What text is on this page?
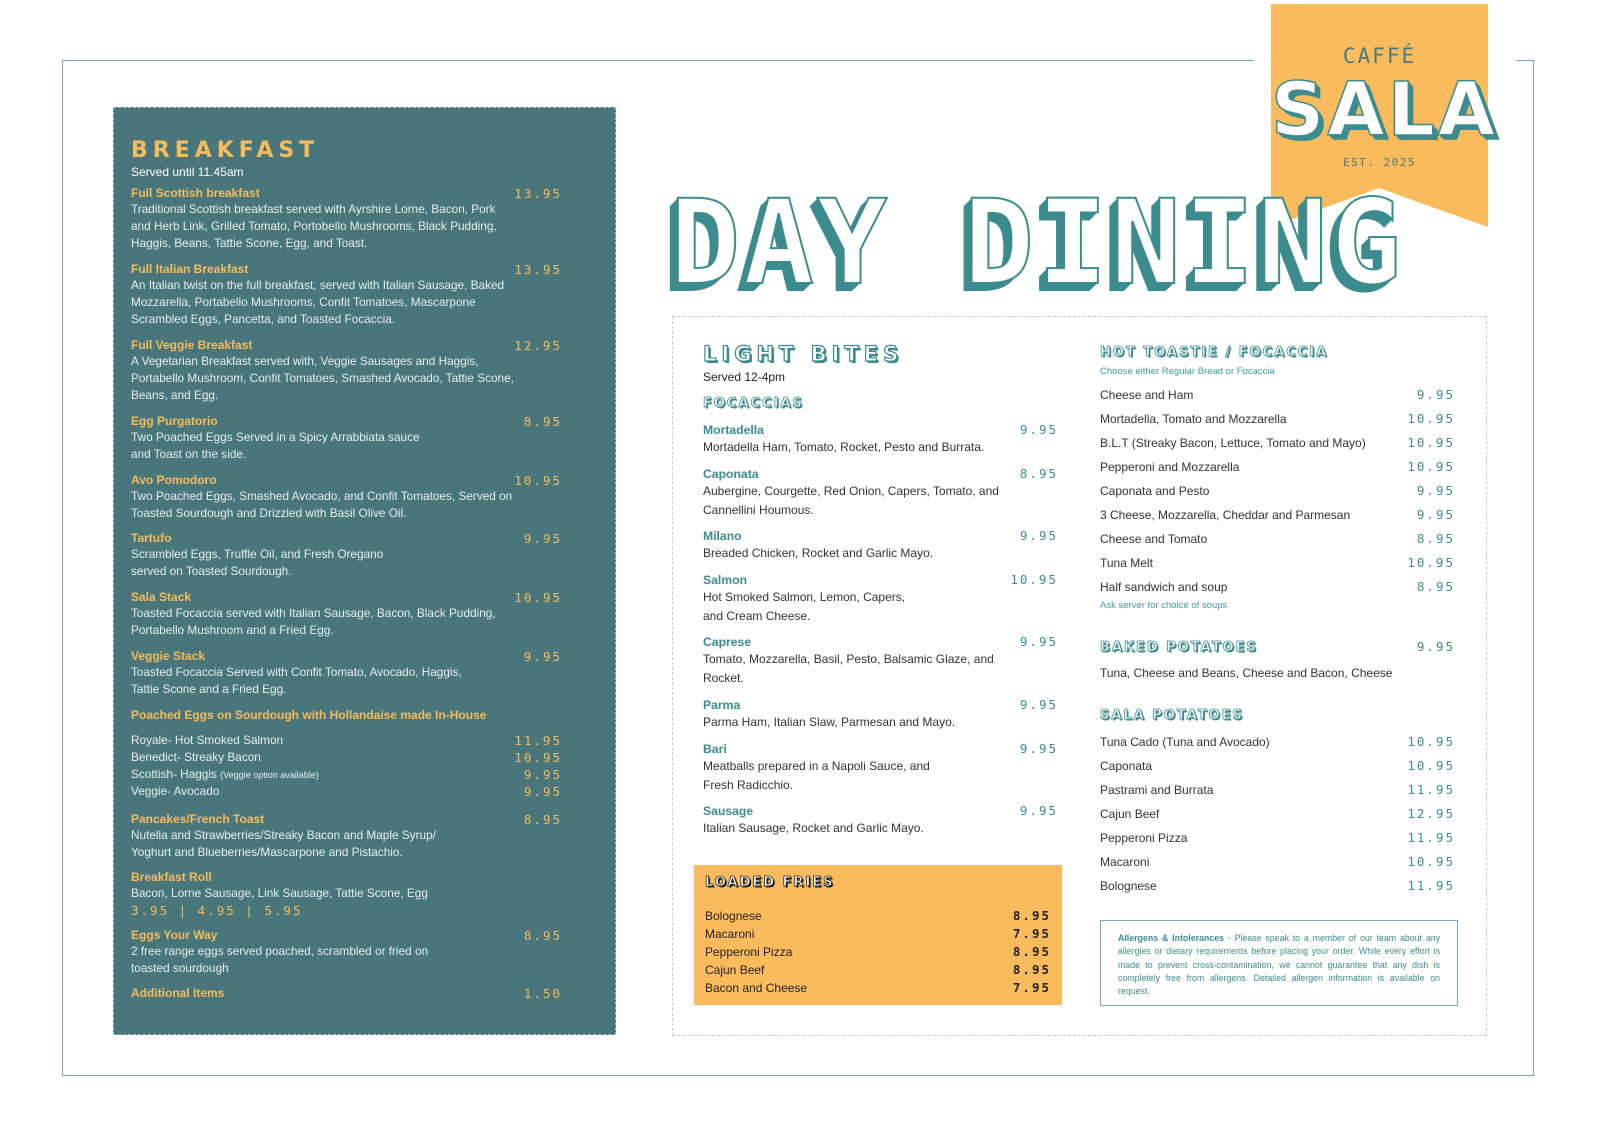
CAFFÉ
SALA
EST. 2025
DAY DINING
BREAKFAST
Served until 11.45am
Full Scottish breakfast	13.95
Traditional Scottish breakfast served with Ayrshire Lorne, Bacon, Pork and Herb Link, Grilled Tomato, Portobello Mushrooms, Black Pudding, Haggis, Beans, Tattie Scone, Egg, and Toast.
Full Italian Breakfast	13.95
An Italian twist on the full breakfast, served with Italian Sausage, Baked Mozzarella, Portabello Mushrooms, Confit Tomatoes, Mascarpone Scrambled Eggs, Pancetta, and Toasted Focaccia.
Full Veggie Breakfast	12.95
A Vegetarian Breakfast served with, Veggie Sausages and Haggis, Portabello Mushroom, Confit Tomatoes, Smashed Avocado, Tattie Scone, Beans, and Egg.
Egg Purgatorio	8.95
Two Poached Eggs Served in a Spicy Arrabbiata sauce and Toast on the side.
Avo Pomodoro	10.95
Two Poached Eggs, Smashed Avocado, and Confit Tomatoes, Served on Toasted Sourdough and Drizzled with Basil Olive Oil.
Tartufo	9.95
Scrambled Eggs, Truffle Oil, and Fresh Oregano served on Toasted Sourdough.
Sala Stack	10.95
Toasted Focaccia served with Italian Sausage, Bacon, Black Pudding, Portabello Mushroom and a Fried Egg.
Veggie Stack	9.95
Toasted Focaccia Served with Confit Tomato, Avocado, Haggis, Tattie Scone and a Fried Egg.
Poached Eggs on Sourdough with Hollandaise made In-House
Royale- Hot Smoked Salmon	11.95
Benedict- Streaky Bacon	10.95
Scottish- Haggis (Veggie option available)	9.95
Veggie- Avocado	9.95
Pancakes/French Toast	8.95
Nutella and Strawberries/Streaky Bacon and Maple Syrup/ Yoghurt and Blueberries/Mascarpone and Pistachio.
Breakfast Roll
Bacon, Lorne Sausage, Link Sausage, Tattie Scone, Egg
3.95 | 4.95 | 5.95
Eggs Your Way	8.95
2 free range eggs served poached, scrambled or fried on toasted sourdough
Additional Items	1.50
LIGHT BITES
Served 12-4pm
FOCACCIAS
Mortadella	9.95
Mortadella Ham, Tomato, Rocket, Pesto and Burrata.
Caponata	8.95
Aubergine, Courgette, Red Onion, Capers, Tomato, and Cannellini Houmous.
Milano	9.95
Breaded Chicken, Rocket and Garlic Mayo.
Salmon	10.95
Hot Smoked Salmon, Lemon, Capers, and Cream Cheese.
Caprese	9.95
Tomato, Mozzarella, Basil, Pesto, Balsamic Glaze, and Rocket.
Parma	9.95
Parma Ham, Italian Slaw, Parmesan and Mayo.
Bari	9.95
Meatballs prepared in a Napoli Sauce, and Fresh Radicchio.
Sausage	9.95
Italian Sausage, Rocket and Garlic Mayo.
LOADED FRIES
Bolognese	8.95
Macaroni	7.95
Pepperoni Pizza	8.95
Cajun Beef	8.95
Bacon and Cheese	7.95
HOT TOASTIE / FOCACCIA
Choose either Regular Bread or Focaccia
Cheese and Ham	9.95
Mortadella, Tomato and Mozzarella	10.95
B.L.T (Streaky Bacon, Lettuce, Tomato and Mayo)	10.95
Pepperoni and Mozzarella	10.95
Caponata and Pesto	9.95
3 Cheese, Mozzarella, Cheddar and Parmesan	9.95
Cheese and Tomato	8.95
Tuna Melt	10.95
Half sandwich and soup	8.95
Ask server for choice of soups
BAKED POTATOES	9.95
Tuna, Cheese and Beans, Cheese and Bacon, Cheese
SALA POTATOES
Tuna Cado (Tuna and Avocado)	10.95
Caponata	10.95
Pastrami and Burrata	11.95
Cajun Beef	12.95
Pepperoni Pizza	11.95
Macaroni	10.95
Bolognese	11.95
Allergens & Intolerances - Please speak to a member of our team about any allergies or dietary requirements before placing your order. While every effort is made to prevent cross-contamination, we cannot guarantee that any dish is completely free from allergens. Detailed allergen information is available on request.
